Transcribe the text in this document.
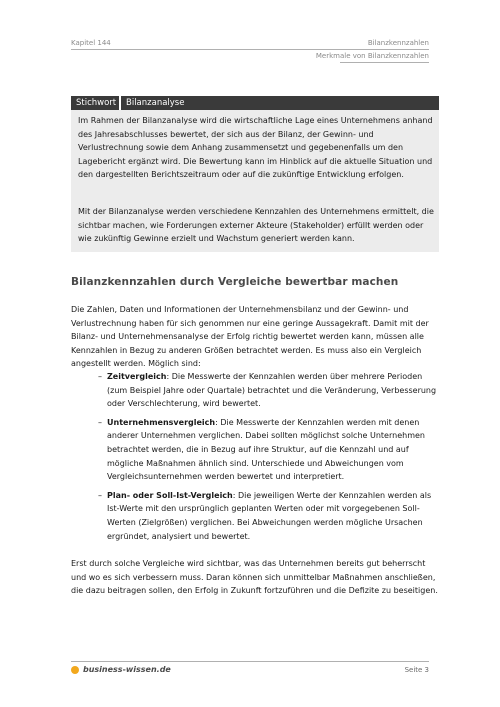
Kapitel 144	Bilanzkennzahlen
Merkmale von Bilanzkennzahlen
Stichwort	Bilanzanalyse

Im Rahmen der Bilanzanalyse wird die wirtschaftliche Lage eines Unternehmens anhand des Jahresabschlusses bewertet, der sich aus der Bilanz, der Gewinn- und Verlustrechnung sowie dem Anhang zusammensetzt und gegebenenfalls um den Lagebericht ergänzt wird. Die Bewertung kann im Hinblick auf die aktuelle Situation und den dargestellten Berichtszeitraum oder auf die zukünftige Entwicklung erfolgen.

Mit der Bilanzanalyse werden verschiedene Kennzahlen des Unternehmens ermittelt, die sichtbar machen, wie Forderungen externer Akteure (Stakeholder) erfüllt werden oder wie zukünftig Gewinne erzielt und Wachstum generiert werden kann.

Bilanzkennzahlen durch Vergleiche bewertbar machen

Die Zahlen, Daten und Informationen der Unternehmensbilanz und der Gewinn- und Verlustrechnung haben für sich genommen nur eine geringe Aussagekraft. Damit mit der Bilanz- und Unternehmensanalyse der Erfolg richtig bewertet werden kann, müssen alle Kennzahlen in Bezug zu anderen Größen betrachtet werden. Es muss also ein Vergleich angestellt werden. Möglich sind:

– Zeitvergleich: Die Messwerte der Kennzahlen werden über mehrere Perioden (zum Beispiel Jahre oder Quartale) betrachtet und die Veränderung, Verbesserung oder Verschlechterung, wird bewertet.
– Unternehmensvergleich: Die Messwerte der Kennzahlen werden mit denen anderer Unternehmen verglichen. Dabei sollten möglichst solche Unternehmen betrachtet werden, die in Bezug auf ihre Struktur, auf die Kennzahl und auf mögliche Maßnahmen ähnlich sind. Unterschiede und Abweichungen vom Vergleichsunternehmen werden bewertet und interpretiert.
– Plan- oder Soll-Ist-Vergleich: Die jeweiligen Werte der Kennzahlen werden als Ist-Werte mit den ursprünglich geplanten Werten oder mit vorgegebenen Soll-Werten (Zielgrößen) verglichen. Bei Abweichungen werden mögliche Ursachen ergründet, analysiert und bewertet.

Erst durch solche Vergleiche wird sichtbar, was das Unternehmen bereits gut beherrscht und wo es sich verbessern muss. Daran können sich unmittelbar Maßnahmen anschließen, die dazu beitragen sollen, den Erfolg in Zukunft fortzuführen und die Defizite zu beseitigen.

business-wissen.de	Seite 3
